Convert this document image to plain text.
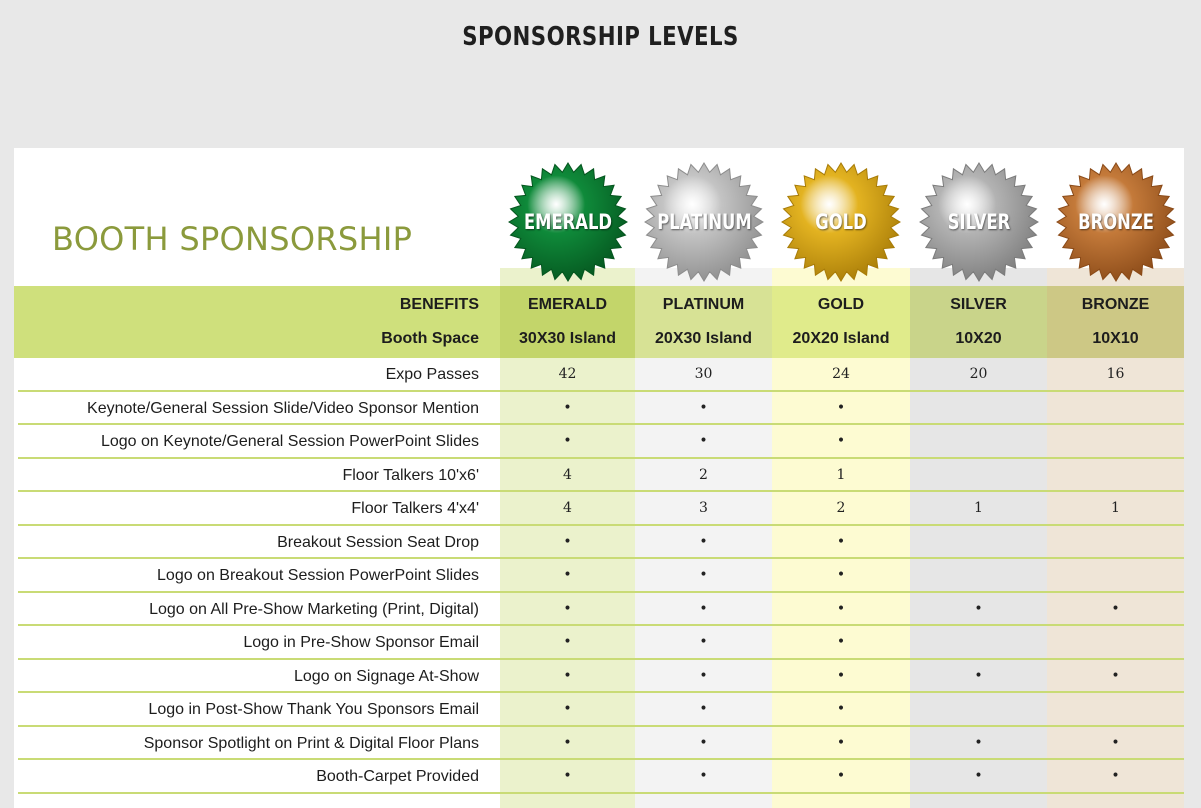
SPONSORSHIP LEVELS
BOOTH SPONSORSHIP	EMERALD PLATINUM	GOLD	SILVER	BRONZE
BENEFITS	EMERALD	PLATINUM	GOLD	SILVER	BRONZE
Booth Space	30X30 Island	20X30 Island	20X20 Island	10X20	10X10
Expo Passes	42	30	24	20	16
Keynote/General Session Slide/Video Sponsor Mention	•	•	•
Logo on Keynote/General Session PowerPoint Slides	•	•	•
Floor Talkers 10'x6'	4	2	1
Floor Talkers 4'x4'	4	3	2	1	1
Breakout Session Seat Drop	•	•	•
Logo on Breakout Session PowerPoint Slides	•	•	•
Logo on All Pre-Show Marketing (Print, Digital)	•	•	•	•	•
Logo in Pre-Show Sponsor Email	•	•	•
Logo on Signage At-Show	•	•	•	•	•
Logo in Post-Show Thank You Sponsors Email	•	•	•
Sponsor Spotlight on Print & Digital Floor Plans	•	•	•	•	•
Booth-Carpet Provided	•	•	•	•	•
